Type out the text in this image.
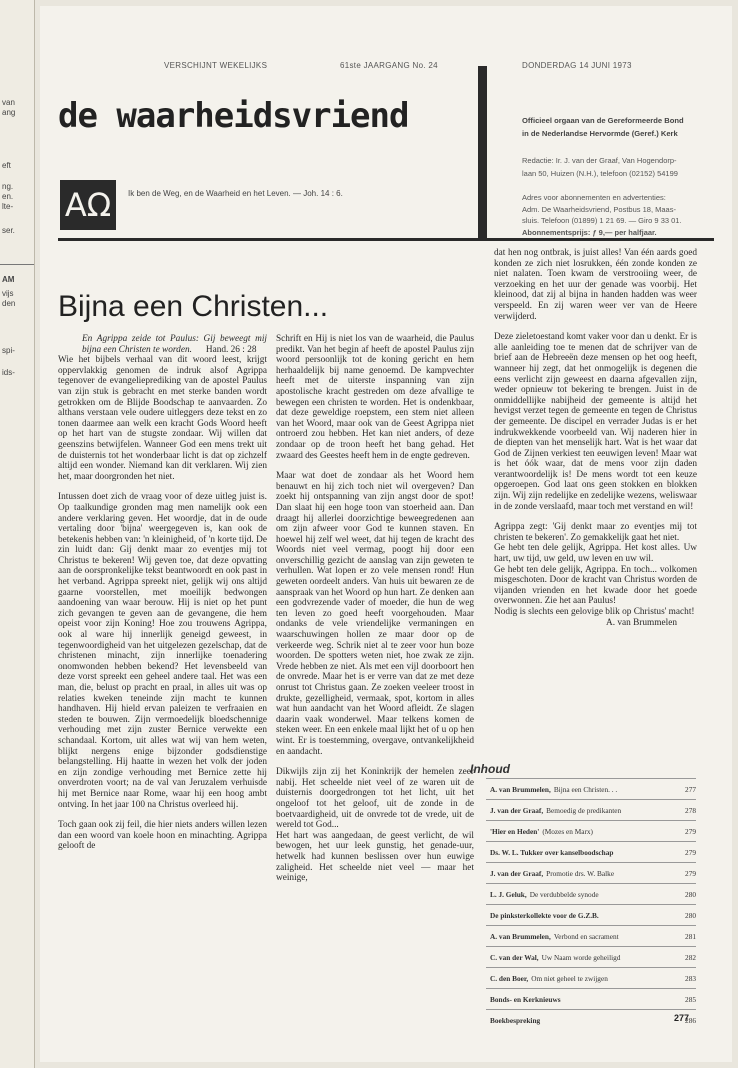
van
ang
eft
ng.
en.
lte-
ser.
AM
vijs
den
spi-
ids-
VERSCHIJNT WEKELIJKS	61ste JAARGANG No. 24	DONDERDAG 14 JUNI 1973
de waarheidsvriend
AΩ	Ik ben de Weg, en de Waarheid en het Leven. — Joh. 14 : 6.
Officieel orgaan van de Gereformeerde Bond
in de Nederlandse Hervormde (Geref.) Kerk
Redactie: Ir. J. van der Graaf, Van Hogendorp-
laan 50, Huizen (N.H.), telefoon (02152) 54199
Adres voor abonnementen en advertenties:
Adm. De Waarheidsvriend, Postbus 18, Maas-
sluis. Telefoon (01899) 1 21 69. — Giro 9 33 01.
Abonnementsprijs: ƒ 9,— per halfjaar.
Bijna een Christen...

En Agrippa zeide tot Paulus: Gij beweegt mij bijna een Christen te worden. Hand. 26 : 28

Wie het bijbels verhaal van dit woord leest, krijgt oppervlakkig genomen de indruk alsof Agrippa tegenover de evangelieprediking van de apostel Paulus van zijn stuk is gebracht en met sterke banden wordt getrokken om de Blijde Boodschap te aanvaarden. Zo althans verstaan vele oudere uitleggers deze tekst en zo tonen daarmee aan welk een kracht Gods Woord heeft op het hart van de stugste zondaar. Wij willen dat geenszins betwijfelen. Wanneer God een mens trekt uit de duisternis tot het wonderbaar licht is dat op zichzelf altijd een wonder. Niemand kan dit verklaren. Wij zien het, maar doorgronden het niet.

Intussen doet zich de vraag voor of deze uitleg juist is. Op taalkundige gronden mag men namelijk ook een andere verklaring geven. Het woordje, dat in de oude vertaling door 'bijna' weergegeven is, kan ook de betekenis hebben van: 'n kleinigheid, of 'n korte tijd. De zin luidt dan: Gij denkt maar zo eventjes mij tot Christus te bekeren! Wij geven toe, dat deze opvatting aan de oorspronkelijke tekst beantwoordt en ook past in het verband. Agrippa spreekt niet, gelijk wij ons altijd gaarne voorstellen, met moeilijk bedwongen aandoening van waar berouw. Hij is niet op het punt zich gevangen te geven aan de gevangene, die hem opeist voor zijn Koning! Hoe zou trouwens Agrippa, ook al ware hij innerlijk geneigd geweest, in tegenwoordigheid van het uitgelezen gezelschap, dat de christenen minacht, zijn innerlijke toenadering onomwonden hebben bekend? Het levensbeeld van deze vorst spreekt een geheel andere taal. Het was een man, die, belust op pracht en praal, in alles uit was op relaties kweken teneinde zijn macht te kunnen handhaven. Hij hield ervan paleizen te verfraaien en steden te bouwen. Zijn vermoedelijk bloedschennige verhouding met zijn zuster Bernice verwekte een schandaal. Kortom, uit alles wat wij van hem weten, blijkt nergens enige bijzonder godsdienstige belangstelling. Hij haatte in wezen het volk der joden en zijn zondige verhouding met Bernice zette hij onverdroten voort; na de val van Jeruzalem verhuisde hij met Bernice naar Rome, waar hij een hoog ambt ontving. In het jaar 100 na Christus overleed hij.

Toch gaan ook zij feil, die hier niets anders willen lezen dan een woord van koele hoon en minachting. Agrippa gelooft de

Schrift en Hij is niet los van de waarheid, die Paulus predikt. Van het begin af heeft de apostel Paulus zijn woord persoonlijk tot de koning gericht en hem herhaaldelijk bij name genoemd. De kampvechter heeft met de uiterste inspanning van zijn apostolische kracht gestreden om deze afvallige te bewegen een christen te worden. Het is ondenkbaar, dat deze geweldige roepstem, een stem niet alleen van het Woord, maar ook van de Geest Agrippa niet ontroerd zou hebben. Het kan niet anders, of deze zondaar op de troon heeft het bang gehad. Het zwaard des Geestes heeft hem in de engte gedreven.

Maar wat doet de zondaar als het Woord hem benauwt en hij zich toch niet wil overgeven? Dan zoekt hij ontspanning van zijn angst door de spot! Dan slaat hij een hoge toon van stoerheid aan. Dan draagt hij allerlei doorzichtige beweegredenen aan om zijn afweer voor God te kunnen staven. En hoewel hij zelf wel weet, dat hij tegen de kracht des Woords niet veel vermag, poogt hij door een onverschillig gezicht de aanslag van zijn geweten te verhullen. Wat lopen er zo vele mensen rond! Hun geweten oordeelt anders. Van huis uit bewaren ze de aanspraak van het Woord op hun hart. Ze denken aan een godvrezende vader of moeder, die hun de weg ten leven zo goed heeft voorgehouden. Maar ondanks de vele vriendelijke vermaningen en waarschuwingen hollen ze maar door op de verkeerde weg. Schrik niet al te zeer voor hun boze woorden. De spotters weten niet, hoe zwak ze zijn. Vrede hebben ze niet. Als met een vijl doorboort hen de onvrede. Maar het is er verre van dat ze met deze onrust tot Christus gaan. Ze zoeken veeleer troost in drukte, gezelligheid, vermaak, spot, kortom in alles wat hun aandacht van het Woord afleidt. Ze slagen daarin vaak wonderwel. Maar telkens komen de steken weer. En een enkele maal lijkt het of u op hen wint. Er is toestemming, overgave, ontvankelijkheid en aandacht.

Dikwijls zijn zij het Koninkrijk der hemelen zeer nabij. Het scheelde niet veel of ze waren uit de duisternis doorgedrongen tot het licht, uit het ongeloof tot het geloof, uit de zonde in de boetvaardigheid, uit de onvrede tot de vrede, uit de wereld tot God...

Het hart was aangedaan, de geest verlicht, de wil bewogen, het uur leek gunstig, het genade-uur, hetwelk had kunnen beslissen over hun euwige zaligheid. Het scheelde niet veel — maar het weinige,

dat hen nog ontbrak, is juist alles! Van één aards goed konden ze zich niet losrukken, één zonde konden ze niet nalaten. Toen kwam de verstrooiing weer, de verzoeking en het uur der genade was voorbij. Het kleinood, dat zij al bijna in handen hadden was weer verspeeld. En zij waren weer ver van de Heere verwijderd.

Deze zieletoestand komt vaker voor dan u denkt. Er is alle aanleiding toe te menen dat de schrijver van de brief aan de Hebreeën deze mensen op het oog heeft, wanneer hij zegt, dat het onmogelijk is degenen die eens verlicht zijn geweest en daarna afgevallen zijn, weder opnieuw tot bekering te brengen. Juist in de onmiddellijke nabijheid der gemeente is altijd het hevigst verzet tegen de gemeente en tegen de Christus der gemeente. De discipel en verrader Judas is er het indrukwekkende voorbeeld van. Wij naderen hier in de diepten van het menselijk hart. Wat is het waar dat God de Zijnen verkiest ten eeuwigen leven! Maar wat is het óók waar, dat de mens voor zijn daden verantwoordelijk is! De mens wordt tot een keuze opgeroepen. God laat ons geen stokken en blokken zijn. Wij zijn redelijke en zedelijke wezens, weliswaar in de zonde verslaafd, maar toch met verstand en wil!

Agrippa zegt: 'Gij denkt maar zo eventjes mij tot christen te bekeren'. Zo gemakkelijk gaat het niet.

Ge hebt ten dele gelijk, Agrippa. Het kost alles. Uw hart, uw tijd, uw geld, uw leven en uw wil.

Ge hebt ten dele gelijk, Agrippa. En toch... volkomen misgeschoten. Door de kracht van Christus worden de vijanden vrienden en het kwade door het goede overwonnen. Zie het aan Paulus!

Nodig is slechts een gelovige blik op Christus' macht!

A. van Brummelen

Inhoud
A. van Brummelen, Bijna een Christen. . .	277
J. van der Graaf, Bemoedig de predikanten	278
'Hier en Heden' (Mozes en Marx)	279
Ds. W. L. Tukker over kanselboodschap	279
J. van der Graaf, Promotie drs. W. Balke	279
L. J. Geluk, De verdubbelde synode	280
De pinksterkollekte voor de G.Z.B.	280
A. van Brummelen, Verbond en sacrament	281
C. van der Wal, Uw Naam worde geheiligd	282
C. den Boer, Om niet geheel te zwijgen	283
Bonds- en Kerknieuws	285
Boekbespreking	286
277
